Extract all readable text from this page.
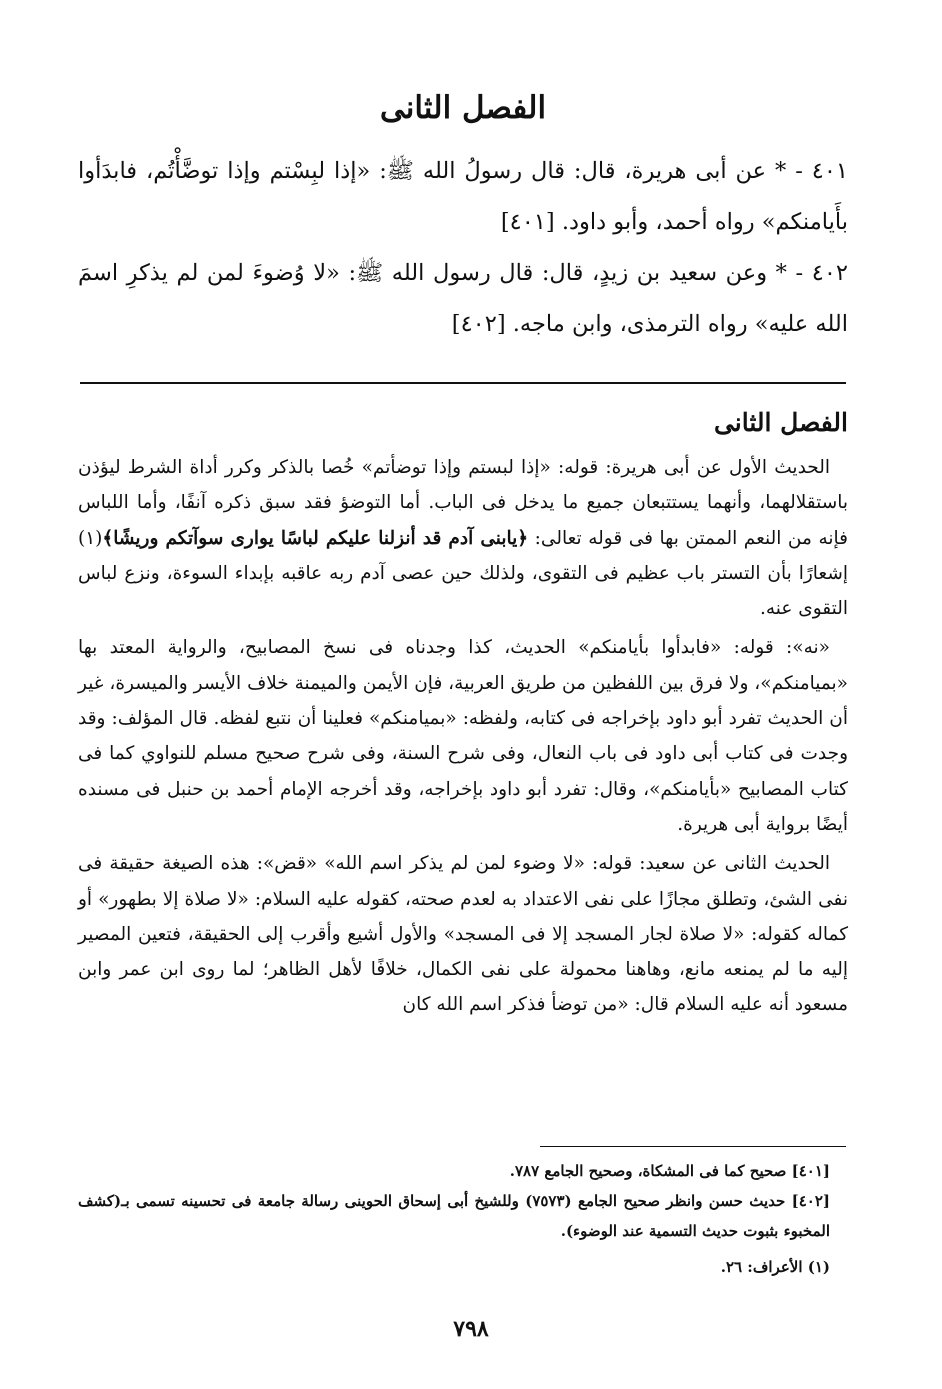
الفصل الثانى

٤٠١ - * عن أبى هريرة، قال: قال رسولُ الله ﷺ: «إذا لبِسْتم وإذا توضَّأْتُم، فابدَأوا بأَيامنكم» رواه أحمد، وأبو داود. [٤٠١]

٤٠٢ - * وعن سعيد بن زيدٍ، قال: قال رسول الله ﷺ: «لا وُضوءَ لمن لم يذكرِ اسمَ الله عليه» رواه الترمذى، وابن ماجه. [٤٠٢]

الفصل الثانى

الحديث الأول عن أبى هريرة: قوله: «إذا لبستم وإذا توضأتم» خُصا بالذكر وكرر أداة الشرط ليؤذن باستقلالهما، وأنهما يستتبعان جميع ما يدخل فى الباب. أما التوضؤ فقد سبق ذكره آنفًا، وأما اللباس فإنه من النعم الممتن بها فى قوله تعالى: ﴿يابنى آدم قد أنزلنا عليكم لباسًا يوارى سوآتكم وريشًا﴾(١) إشعارًا بأن التستر باب عظيم فى التقوى، ولذلك حين عصى آدم ربه عاقبه بإبداء السوءة، ونزع لباس التقوى عنه.

«نه»: قوله: «فابدأوا بأيامنكم» الحديث، كذا وجدناه فى نسخ المصابيح، والرواية المعتد بها «بميامنكم»، ولا فرق بين اللفظين من طريق العربية، فإن الأيمن والميمنة خلاف الأيسر والميسرة، غير أن الحديث تفرد أبو داود بإخراجه فى كتابه، ولفظه: «بميامنكم» فعلينا أن نتبع لفظه. قال المؤلف: وقد وجدت فى كتاب أبى داود فى باب النعال، وفى شرح السنة، وفى شرح صحيح مسلم للنواوي كما فى كتاب المصابيح «بأيامنكم»، وقال: تفرد أبو داود بإخراجه، وقد أخرجه الإمام أحمد بن حنبل فى مسنده أيضًا برواية أبى هريرة.

الحديث الثانى عن سعيد: قوله: «لا وضوء لمن لم يذكر اسم الله» «قض»: هذه الصيغة حقيقة فى نفى الشئ، وتطلق مجازًا على نفى الاعتداد به لعدم صحته، كقوله عليه السلام: «لا صلاة إلا بطهور» أو كماله كقوله: «لا صلاة لجار المسجد إلا فى المسجد» والأول أشيع وأقرب إلى الحقيقة، فتعين المصير إليه ما لم يمنعه مانع، وهاهنا محمولة على نفى الكمال، خلافًا لأهل الظاهر؛ لما روى ابن عمر وابن مسعود أنه عليه السلام قال: «من توضأ فذكر اسم الله كان

[٤٠١] صحيح كما فى المشكاة، وصحيح الجامع ٧٨٧.

[٤٠٢] حديث حسن وانظر صحيح الجامع (٧٥٧٣) وللشيخ أبى إسحاق الحوينى رسالة جامعة فى تحسينه تسمى بـ(كشف المخبوء بثبوت حديث التسمية عند الوضوء).

(١) الأعراف: ٢٦.

٧٩٨
